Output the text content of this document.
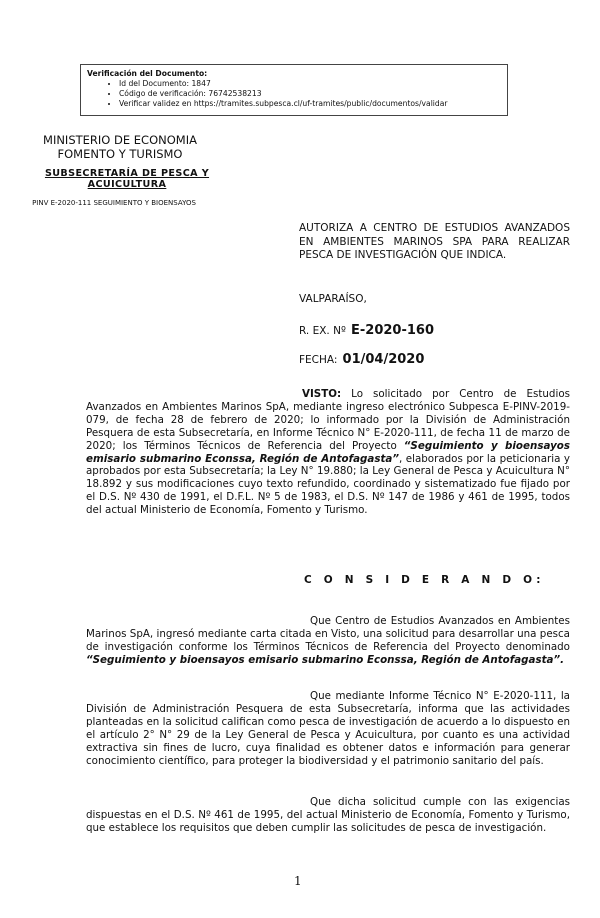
Verificación del Documento:
• Id del Documento: 1847
• Código de verificación: 76742538213
• Verificar validez en https://tramites.subpesca.cl/uf-tramites/public/documentos/validar
MINISTERIO DE ECONOMIA
FOMENTO Y TURISMO
SUBSECRETARÍA DE PESCA Y ACUICULTURA
PINV E-2020-111 SEGUIMIENTO Y BIOENSAYOS
AUTORIZA A CENTRO DE ESTUDIOS AVANZADOS EN AMBIENTES MARINOS SPA PARA REALIZAR PESCA DE INVESTIGACIÓN QUE INDICA.
VALPARAÍSO,
R. EX. Nº E-2020-160
FECHA: 01/04/2020
VISTO: Lo solicitado por Centro de Estudios Avanzados en Ambientes Marinos SpA, mediante ingreso electrónico Subpesca E-PINV-2019-079, de fecha 28 de febrero de 2020; lo informado por la División de Administración Pesquera de esta Subsecretaría, en Informe Técnico N° E-2020-111, de fecha 11 de marzo de 2020; los Términos Técnicos de Referencia del Proyecto “Seguimiento y bioensayos emisario submarino Econssa, Región de Antofagasta”, elaborados por la peticionaria y aprobados por esta Subsecretaría; la Ley N° 19.880; la Ley General de Pesca y Acuicultura N° 18.892 y sus modificaciones cuyo texto refundido, coordinado y sistematizado fue fijado por el D.S. Nº 430 de 1991, el D.F.L. Nº 5 de 1983, el D.S. Nº 147 de 1986 y 461 de 1995, todos del actual Ministerio de Economía, Fomento y Turismo.
C O N S I D E R A N D O:
Que Centro de Estudios Avanzados en Ambientes Marinos SpA, ingresó mediante carta citada en Visto, una solicitud para desarrollar una pesca de investigación conforme los Términos Técnicos de Referencia del Proyecto denominado “Seguimiento y bioensayos emisario submarino Econssa, Región de Antofagasta”.
Que mediante Informe Técnico N° E-2020-111, la División de Administración Pesquera de esta Subsecretaría, informa que las actividades planteadas en la solicitud califican como pesca de investigación de acuerdo a lo dispuesto en el artículo 2° N° 29 de la Ley General de Pesca y Acuicultura, por cuanto es una actividad extractiva sin fines de lucro, cuya finalidad es obtener datos e información para generar conocimiento científico, para proteger la biodiversidad y el patrimonio sanitario del país.
Que dicha solicitud cumple con las exigencias dispuestas en el D.S. Nº 461 de 1995, del actual Ministerio de Economía, Fomento y Turismo, que establece los requisitos que deben cumplir las solicitudes de pesca de investigación.
1
